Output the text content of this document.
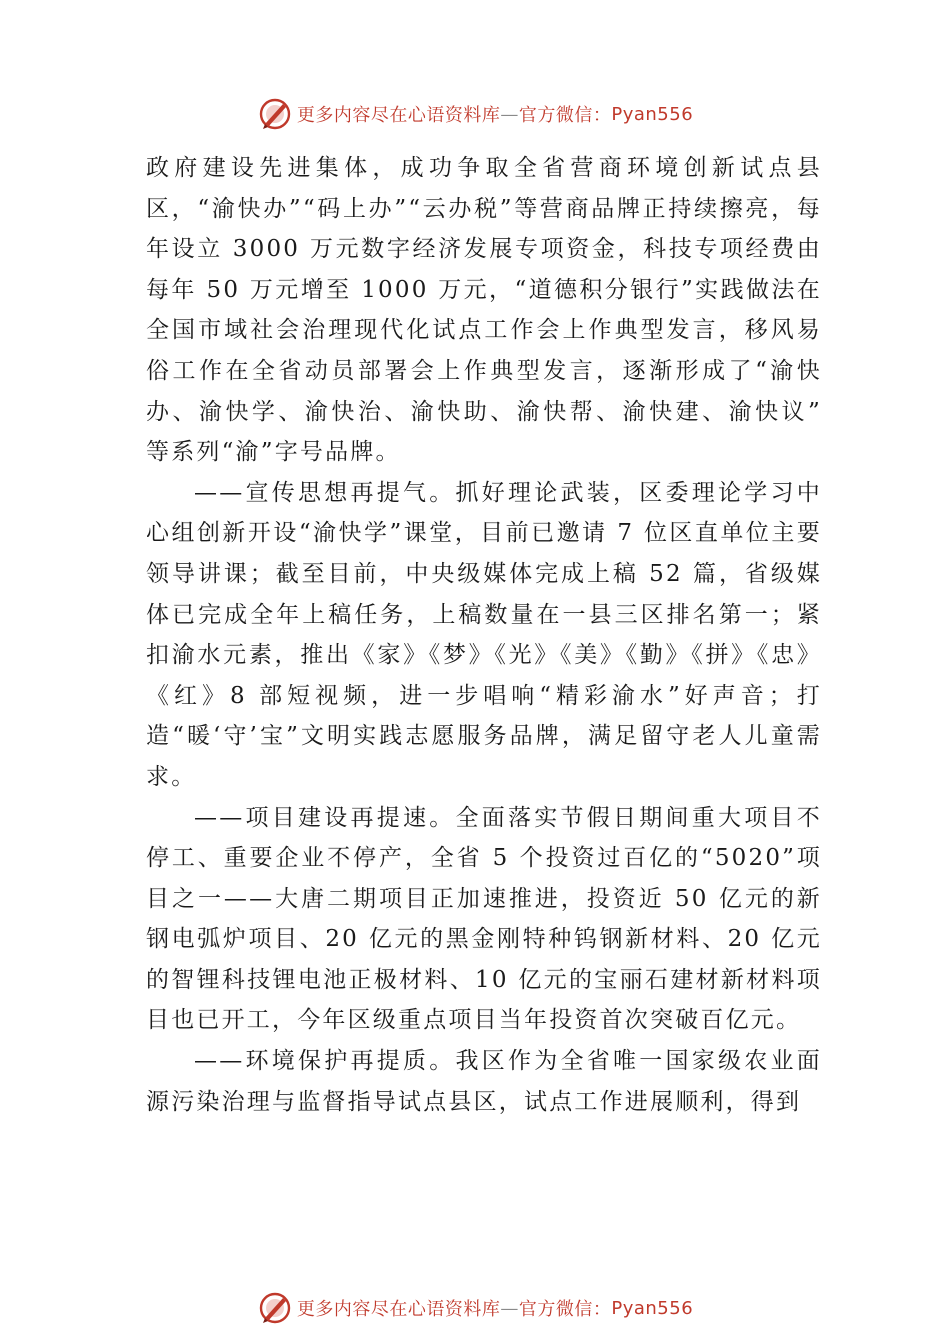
更多内容尽在心语资料库 — 官方微信： Pyan556

政府建设先进集体，成功争取全省营商环境创新试点县区，“渝快办”“码上办”“云办税”等营商品牌正持续擦亮，每年设立 3000 万元数字经济发展专项资金，科技专项经费由每年 50 万元增至 1000 万元，“道德积分银行”实践做法在全国市域社会治理现代化试点工作会上作典型发言，移风易俗工作在全省动员部署会上作典型发言，逐渐形成了“渝快办、渝快学、渝快治、渝快助、渝快帮、渝快建、渝快议” 等系列“渝”字号品牌。

——宣传思想再提气。抓好理论武装，区委理论学习中心组创新开设“渝快学”课堂，目前已邀请 7 位区直单位主要领导讲课；截至目前，中央级媒体完成上稿 52 篇，省级媒体已完成全年上稿任务，上稿数量在一县三区排名第一；紧扣渝水元素，推出《家》《梦》《光》《美》《勤》《拼》《忠》《红》8 部短视频，进一步唱响“精彩渝水”好声音；打造“暖‘守’宝”文明实践志愿服务品牌，满足留守老人儿童需求。

——项目建设再提速。全面落实节假日期间重大项目不停工、重要企业不停产，全省 5 个投资过百亿的“5020”项目之一——大唐二期项目正加速推进，投资近 50 亿元的新钢电弧炉项目、20 亿元的黑金刚特种钨钢新材料、20 亿元的智锂科技锂电池正极材料、10 亿元的宝丽石建材新材料项目也已开工，今年区级重点项目当年投资首次突破百亿元。

——环境保护再提质。我区作为全省唯一国家级农业面源污染治理与监督指导试点县区，试点工作进展顺利，得到

更多内容尽在心语资料库 — 官方微信： Pyan556
